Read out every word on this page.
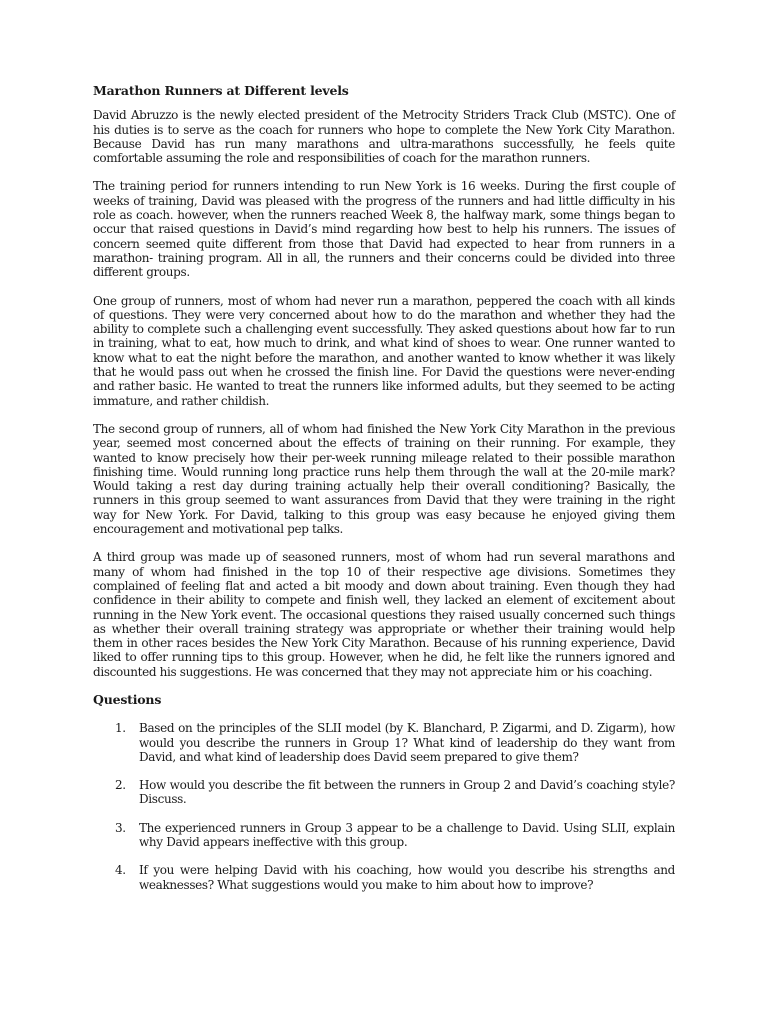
Marathon Runners at Different levels

David Abruzzo is the newly elected president of the Metrocity Striders Track Club (MSTC). One of his duties is to serve as the coach for runners who hope to complete the New York City Marathon. Because David has run many marathons and ultra-marathons successfully, he feels quite comfortable assuming the role and responsibilities of coach for the marathon runners.

The training period for runners intending to run New York is 16 weeks. During the first couple of weeks of training, David was pleased with the progress of the runners and had little difficulty in his role as coach. however, when the runners reached Week 8, the halfway mark, some things began to occur that raised questions in David’s mind regarding how best to help his runners. The issues of concern seemed quite different from those that David had expected to hear from runners in a marathon- training program. All in all, the runners and their concerns could be divided into three different groups.

One group of runners, most of whom had never run a marathon, peppered the coach with all kinds of questions. They were very concerned about how to do the marathon and whether they had the ability to complete such a challenging event successfully. They asked questions about how far to run in training, what to eat, how much to drink, and what kind of shoes to wear. One runner wanted to know what to eat the night before the marathon, and another wanted to know whether it was likely that he would pass out when he crossed the finish line. For David the questions were never-ending and rather basic. He wanted to treat the runners like informed adults, but they seemed to be acting immature, and rather childish.

The second group of runners, all of whom had finished the New York City Marathon in the previous year, seemed most concerned about the effects of training on their running. For example, they wanted to know precisely how their per-week running mileage related to their possible marathon finishing time. Would running long practice runs help them through the wall at the 20-mile mark? Would taking a rest day during training actually help their overall conditioning? Basically, the runners in this group seemed to want assurances from David that they were training in the right way for New York. For David, talking to this group was easy because he enjoyed giving them encouragement and motivational pep talks.

A third group was made up of seasoned runners, most of whom had run several marathons and many of whom had finished in the top 10 of their respective age divisions. Sometimes they complained of feeling flat and acted a bit moody and down about training. Even though they had confidence in their ability to compete and finish well, they lacked an element of excitement about running in the New York event. The occasional questions they raised usually concerned such things as whether their overall training strategy was appropriate or whether their training would help them in other races besides the New York City Marathon. Because of his running experience, David liked to offer running tips to this group. However, when he did, he felt like the runners ignored and discounted his suggestions. He was concerned that they may not appreciate him or his coaching.

Questions
1.	Based on the principles of the SLII model (by K. Blanchard, P. Zigarmi, and D. Zigarm), how would you describe the runners in Group 1? What kind of leadership do they want from David, and what kind of leadership does David seem prepared to give them?
2.	How would you describe the fit between the runners in Group 2 and David’s coaching style? Discuss.
3.	The experienced runners in Group 3 appear to be a challenge to David. Using SLII, explain why David appears ineffective with this group.
4.	If you were helping David with his coaching, how would you describe his strengths and weaknesses? What suggestions would you make to him about how to improve?
